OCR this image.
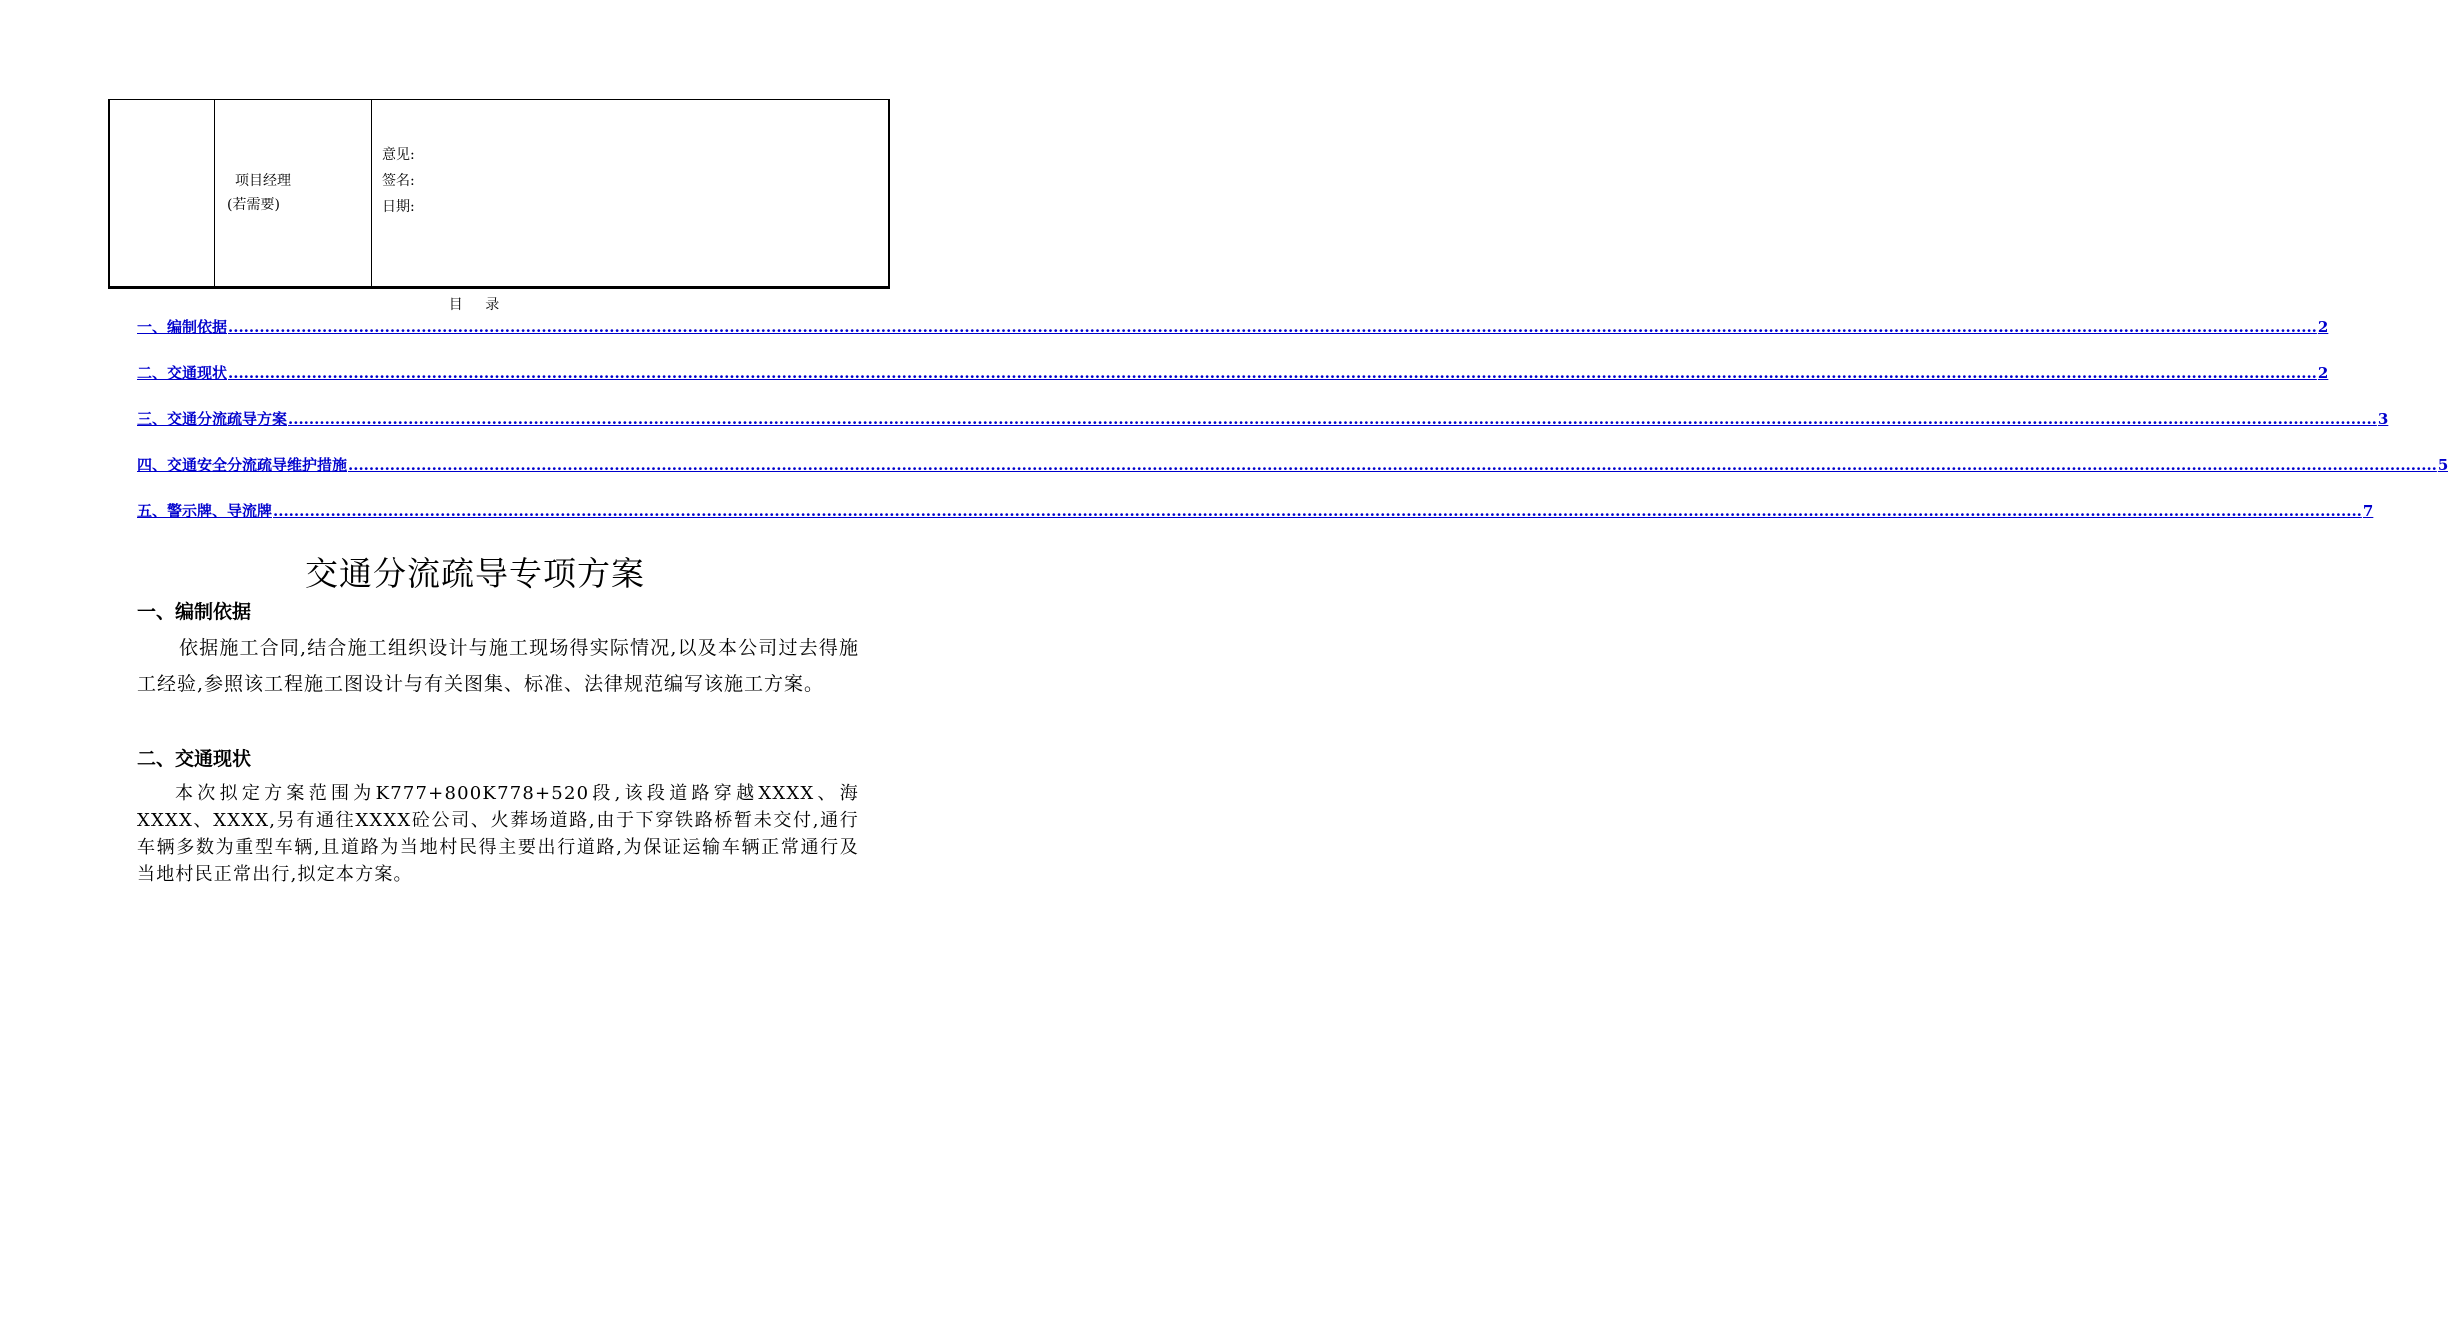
项目经理
(若需要)

意见:
签名:
日期:
目 录
一、编制依据 ................................................................................................................................................................................................................................................................................................................................................................................................................ 2
二、交通现状 ................................................................................................................................................................................................................................................................................................................................................................................................................ 2
三、交通分流疏导方案 ................................................................................................................................................................................................................................................................................................................................................................................................................ 3
四、交通安全分流疏导维护措施 ................................................................................................................................................................................................................................................................................................................................................................................................................ 5
五、警示牌、导流牌 ................................................................................................................................................................................................................................................................................................................................................................................................................ 7
交通分流疏导专项方案
一、编制依据
依据施工合同,结合施工组织设计与施工现场得实际情况,以及本公司过去得施工经验,参照该工程施工图设计与有关图集、标准、法律规范编写该施工方案。
二、交通现状
本次拟定方案范围为K777+800K778+520段,该段道路穿越XXXX、海XXXX、XXXX,另有通往XXXX砼公司、火葬场道路,由于下穿铁路桥暂未交付,通行车辆多数为重型车辆,且道路为当地村民得主要出行道路,为保证运输车辆正常通行及当地村民正常出行,拟定本方案。
